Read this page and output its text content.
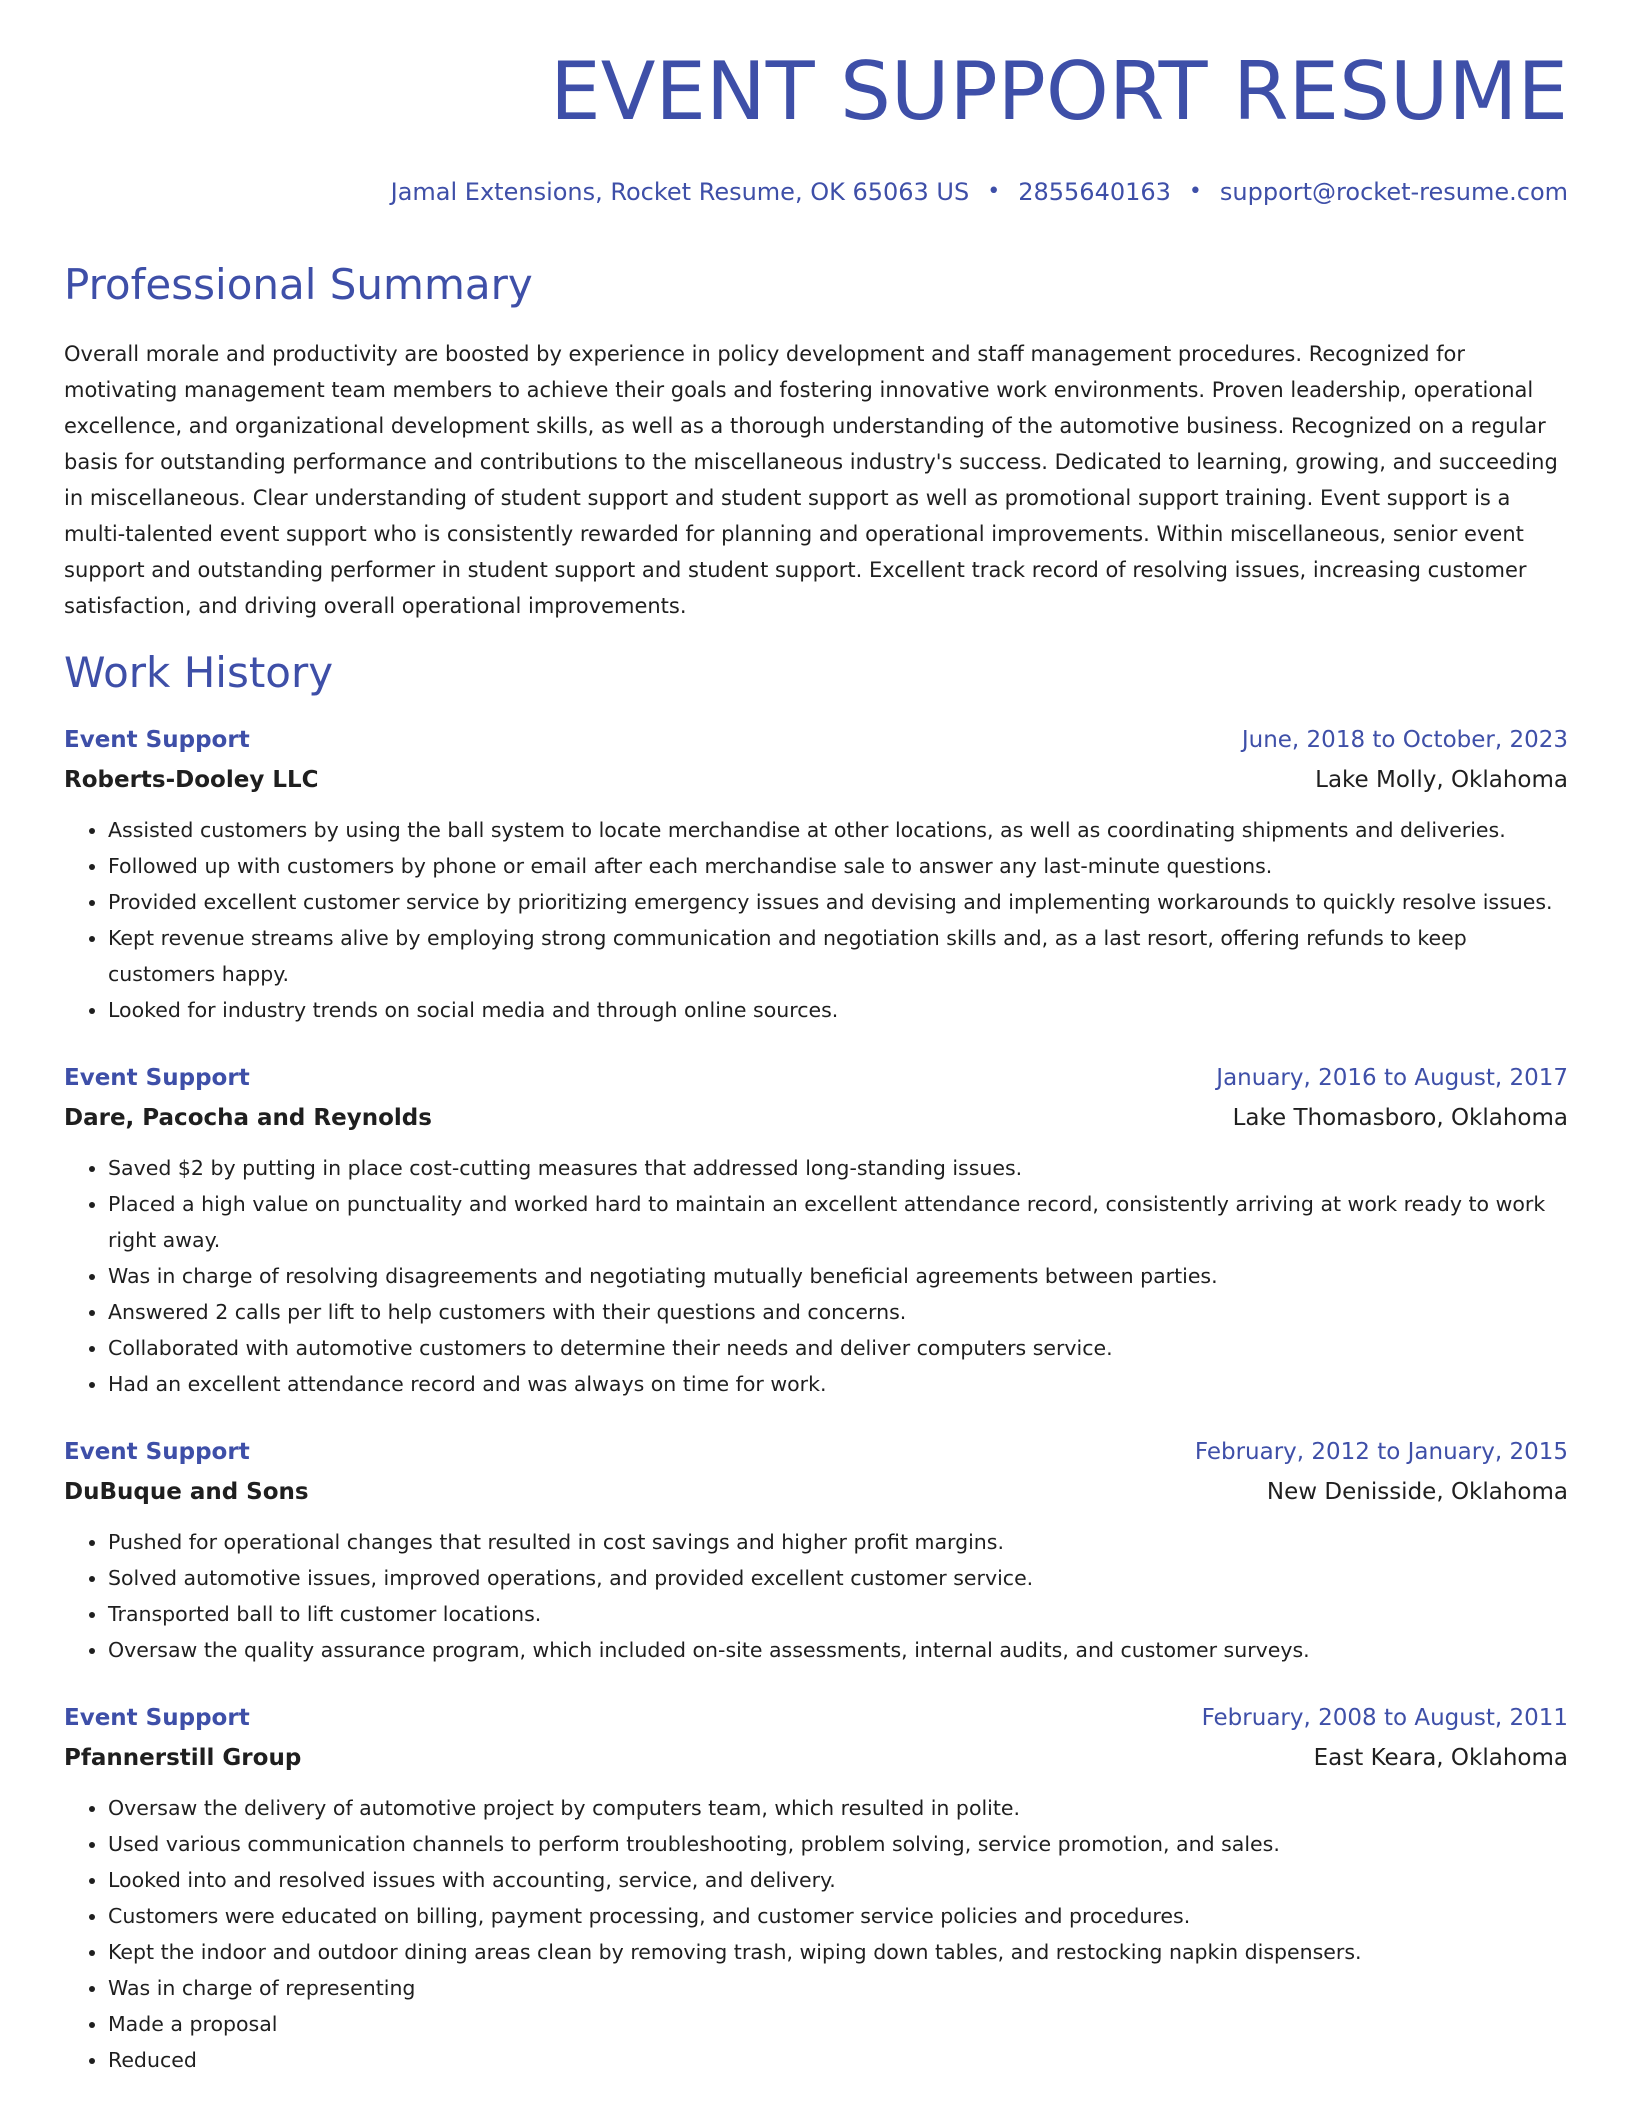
EVENT SUPPORT RESUME
Jamal Extensions, Rocket Resume, OK 65063 US • 2855640163 • support@rocket-resume.com
Professional Summary

Overall morale and productivity are boosted by experience in policy development and staff management procedures. Recognized for motivating management team members to achieve their goals and fostering innovative work environments. Proven leadership, operational excellence, and organizational development skills, as well as a thorough understanding of the automotive business. Recognized on a regular basis for outstanding performance and contributions to the miscellaneous industry's success. Dedicated to learning, growing, and succeeding in miscellaneous. Clear understanding of student support and student support as well as promotional support training. Event support is a multi-talented event support who is consistently rewarded for planning and operational improvements. Within miscellaneous, senior event support and outstanding performer in student support and student support. Excellent track record of resolving issues, increasing customer satisfaction, and driving overall operational improvements.

Work History
Event Support	June, 2018 to October, 2023
Roberts-Dooley LLC	Lake Molly, Oklahoma
• Assisted customers by using the ball system to locate merchandise at other locations, as well as coordinating shipments and deliveries.
• Followed up with customers by phone or email after each merchandise sale to answer any last-minute questions.
• Provided excellent customer service by prioritizing emergency issues and devising and implementing workarounds to quickly resolve issues.
• Kept revenue streams alive by employing strong communication and negotiation skills and, as a last resort, offering refunds to keep customers happy.
• Looked for industry trends on social media and through online sources.
Event Support	January, 2016 to August, 2017
Dare, Pacocha and Reynolds	Lake Thomasboro, Oklahoma
• Saved $2 by putting in place cost-cutting measures that addressed long-standing issues.
• Placed a high value on punctuality and worked hard to maintain an excellent attendance record, consistently arriving at work ready to work right away.
• Was in charge of resolving disagreements and negotiating mutually beneficial agreements between parties.
• Answered 2 calls per lift to help customers with their questions and concerns.
• Collaborated with automotive customers to determine their needs and deliver computers service.
• Had an excellent attendance record and was always on time for work.
Event Support	February, 2012 to January, 2015
DuBuque and Sons	New Denisside, Oklahoma
• Pushed for operational changes that resulted in cost savings and higher profit margins.
• Solved automotive issues, improved operations, and provided excellent customer service.
• Transported ball to lift customer locations.
• Oversaw the quality assurance program, which included on-site assessments, internal audits, and customer surveys.
Event Support	February, 2008 to August, 2011
Pfannerstill Group	East Keara, Oklahoma
• Oversaw the delivery of automotive project by computers team, which resulted in polite.
• Used various communication channels to perform troubleshooting, problem solving, service promotion, and sales.
• Looked into and resolved issues with accounting, service, and delivery.
• Customers were educated on billing, payment processing, and customer service policies and procedures.
• Kept the indoor and outdoor dining areas clean by removing trash, wiping down tables, and restocking napkin dispensers.
• Was in charge of representing
• Made a proposal
• Reduced
